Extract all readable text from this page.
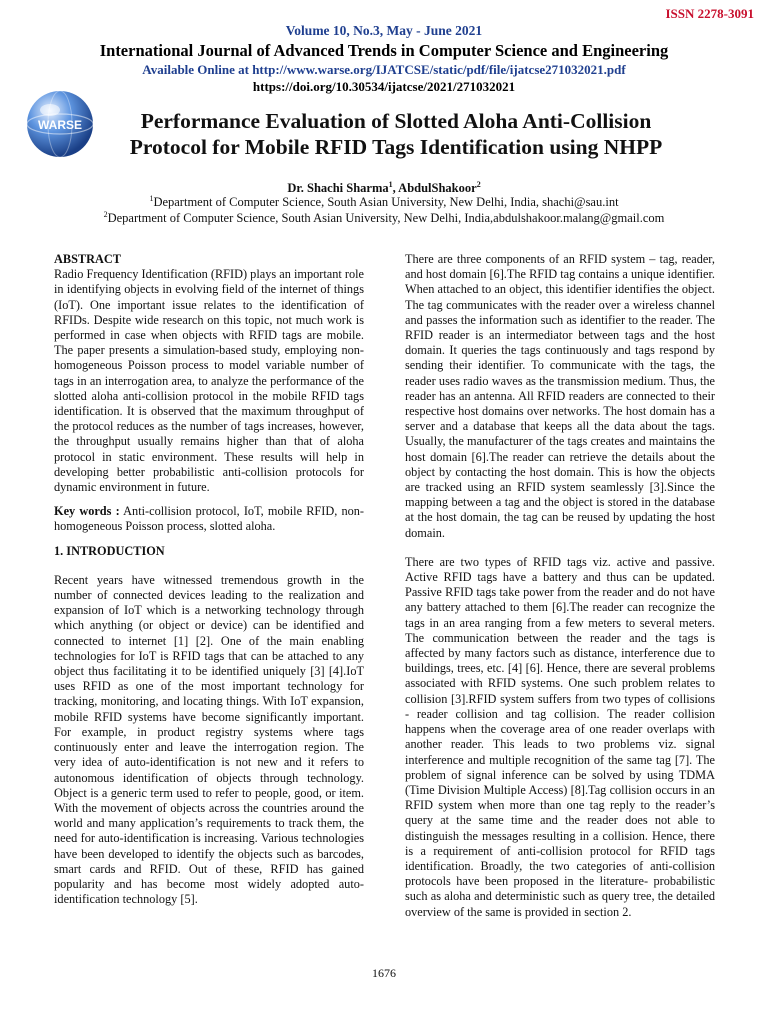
ISSN 2278-3091
Volume 10, No.3, May - June 2021
International Journal of Advanced Trends in Computer Science and Engineering
Available Online at http://www.warse.org/IJATCSE/static/pdf/file/ijatcse271032021.pdf
https://doi.org/10.30534/ijatcse/2021/271032021
WARSE	Performance Evaluation of Slotted Aloha Anti-Collision
Protocol for Mobile RFID Tags Identification using NHPP
Dr. Shachi Sharma$^1$, AbdulShakoor$^2$
$^1$Department of Computer Science, South Asian University, New Delhi, India, shachi@sau.int
$^2$Department of Computer Science, South Asian University, New Delhi, India,abdulshakoor.malang@gmail.com

ABSTRACT

Radio Frequency Identification (RFID) plays an important role in identifying objects in evolving field of the internet of things (IoT). One important issue relates to the identification of RFIDs. Despite wide research on this topic, not much work is performed in case when objects with RFID tags are mobile. The paper presents a simulation-based study, employing non-homogeneous Poisson process to model variable number of tags in an interrogation area, to analyze the performance of the slotted aloha anti-collision protocol in the mobile RFID tags identification. It is observed that the maximum throughput of the protocol reduces as the number of tags increases, however, the throughput usually remains higher than that of aloha protocol in static environment. These results will help in developing better probabilistic anti-collision protocols for dynamic environment in future.

Key words : Anti-collision protocol, IoT, mobile RFID, non-homogeneous Poisson process, slotted aloha.

1. INTRODUCTION

Recent years have witnessed tremendous growth in the number of connected devices leading to the realization and expansion of IoT which is a networking technology through which anything (or object or device) can be identified and connected to internet [1] [2]. One of the main enabling technologies for IoT is RFID tags that can be attached to any object thus facilitating it to be identified uniquely [3] [4].IoT uses RFID as one of the most important technology for tracking, monitoring, and locating things. With IoT expansion, mobile RFID systems have become significantly important. For example, in product registry systems where tags continuously enter and leave the interrogation region. The very idea of auto-identification is not new and it refers to autonomous identification of objects through technology. Object is a generic term used to refer to people, good, or item. With the movement of objects across the countries around the world and many application’s requirements to track them, the need for auto-identification is increasing. Various technologies have been developed to identify the objects such as barcodes, smart cards and RFID. Out of these, RFID has gained popularity and has become most widely adopted auto-identification technology [5].

There are three components of an RFID system – tag, reader, and host domain [6].The RFID tag contains a unique identifier. When attached to an object, this identifier identifies the object. The tag communicates with the reader over a wireless channel and passes the information such as identifier to the reader. The RFID reader is an intermediator between tags and the host domain. It queries the tags continuously and tags respond by sending their identifier. To communicate with the tags, the reader uses radio waves as the transmission medium. Thus, the reader has an antenna. All RFID readers are connected to their respective host domains over networks. The host domain has a server and a database that keeps all the data about the tags. Usually, the manufacturer of the tags creates and maintains the host domain [6].The reader can retrieve the details about the object by contacting the host domain. This is how the objects are tracked using an RFID system seamlessly [3].Since the mapping between a tag and the object is stored in the database at the host domain, the tag can be reused by updating the host domain.

There are two types of RFID tags viz. active and passive. Active RFID tags have a battery and thus can be updated. Passive RFID tags take power from the reader and do not have any battery attached to them [6].The reader can recognize the tags in an area ranging from a few meters to several meters. The communication between the reader and the tags is affected by many factors such as distance, interference due to buildings, trees, etc. [4] [6]. Hence, there are several problems associated with RFID systems. One such problem relates to collision [3].RFID system suffers from two types of collisions - reader collision and tag collision. The reader collision happens when the coverage area of one reader overlaps with another reader. This leads to two problems viz. signal interference and multiple recognition of the same tag [7]. The problem of signal inference can be solved by using TDMA (Time Division Multiple Access) [8].Tag collision occurs in an RFID system when more than one tag reply to the reader’s query at the same time and the reader does not able to distinguish the messages resulting in a collision. Hence, there is a requirement of anti-collision protocol for RFID tags identification. Broadly, the two categories of anti-collision protocols have been proposed in the literature- probabilistic such as aloha and deterministic such as query tree, the detailed overview of the same is provided in section 2.

1676
